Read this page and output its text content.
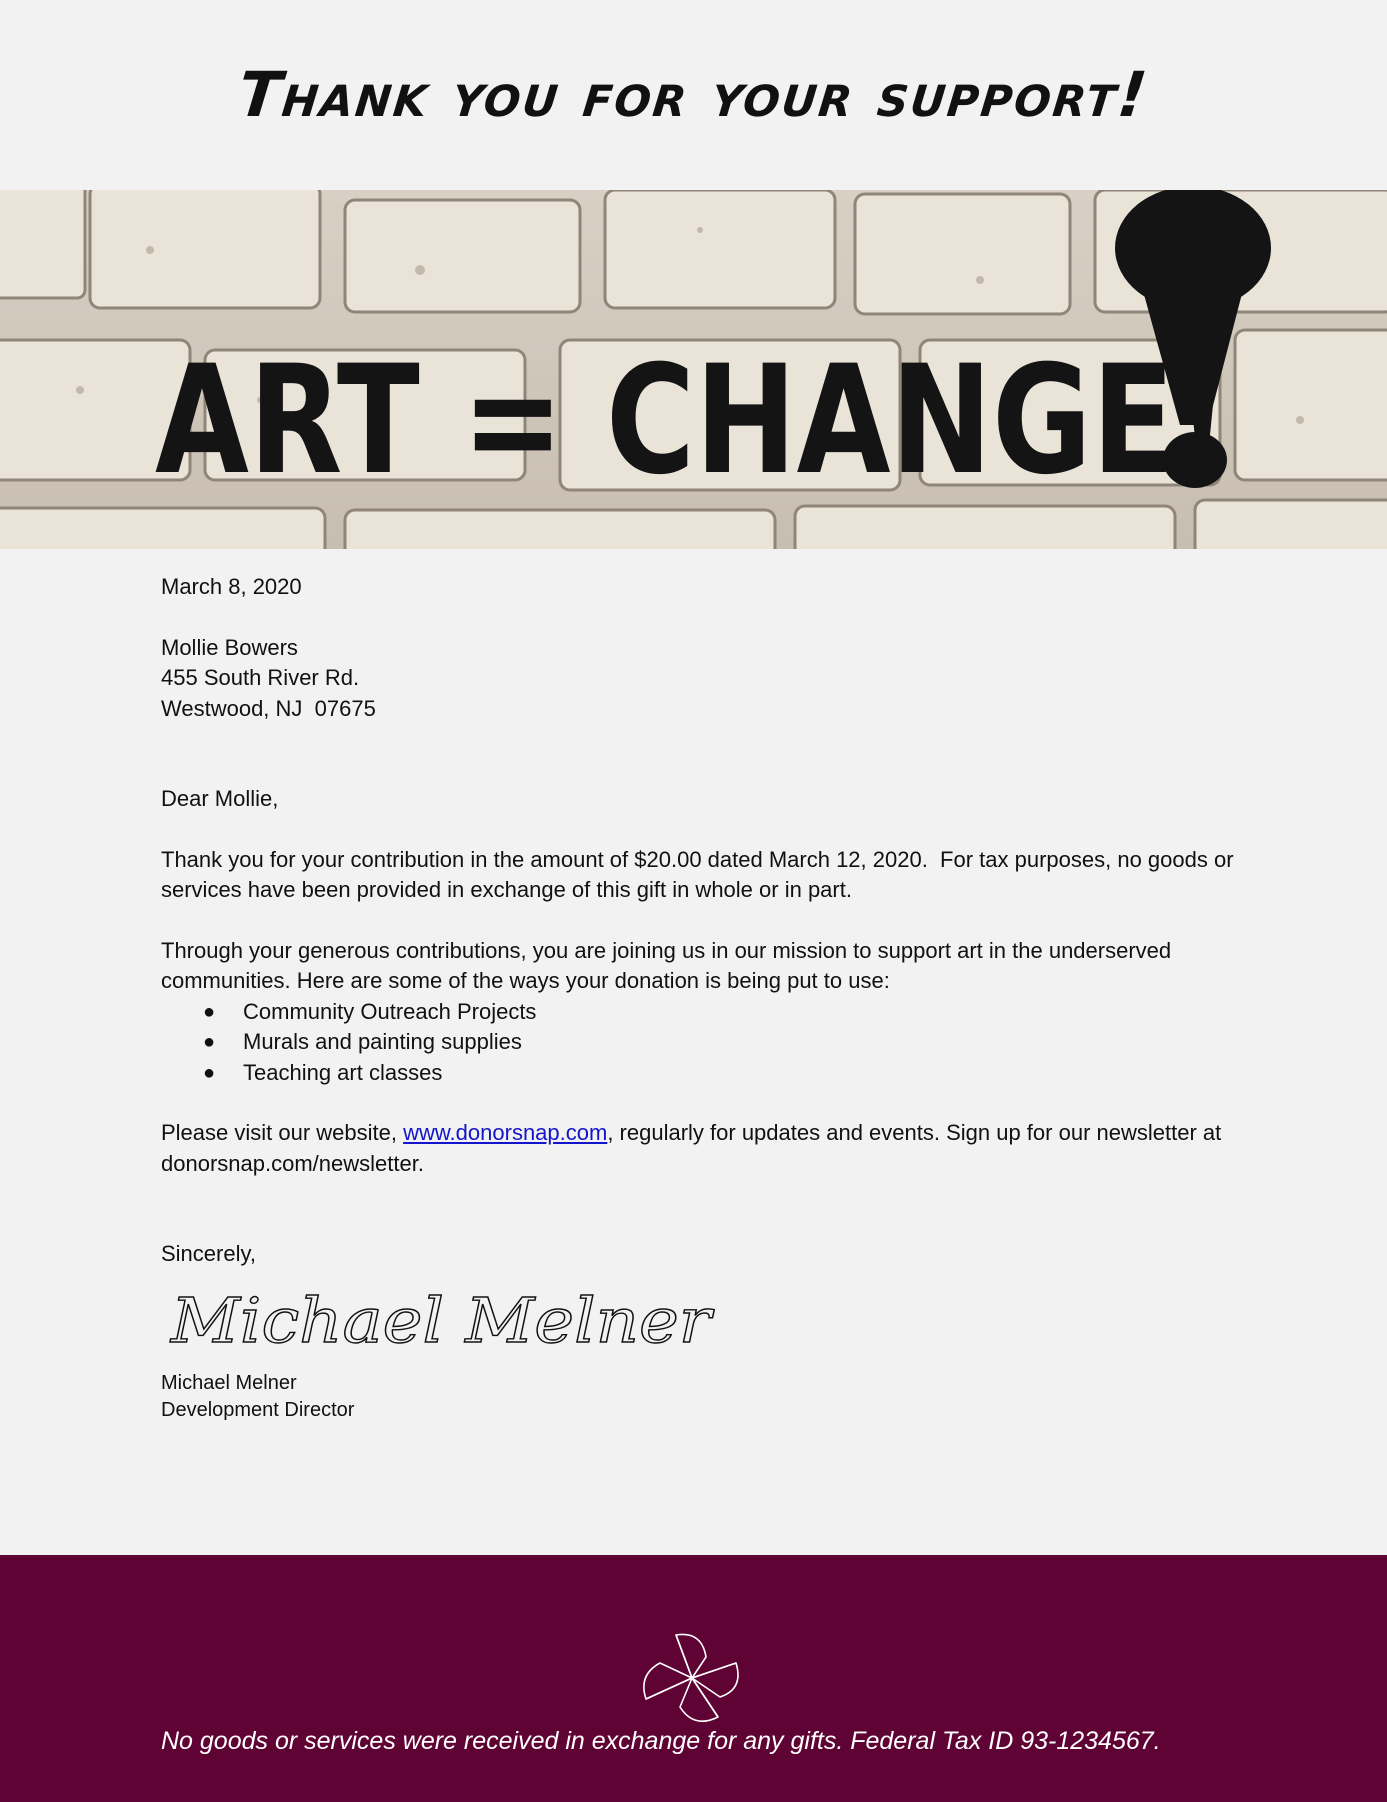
Thank you for your support!
ART = CHANGE!

March 8, 2020

Mollie Bowers

455 South River Rd.

Westwood, NJ  07675

Dear Mollie,

Thank you for your contribution in the amount of $20.00 dated March 12, 2020.  For tax purposes, no goods or services have been provided in exchange of this gift in whole or in part.

Through your generous contributions, you are joining us in our mission to support art in the underserved communities. Here are some of the ways your donation is being put to use:

● Community Outreach Projects
● Murals and painting supplies
● Teaching art classes

Please visit our website, www.donorsnap.com, regularly for updates and events. Sign up for our newsletter at donorsnap.com/newsletter.

Sincerely,

Michael Melner
Michael Melner
Development Director
No goods or services were received in exchange for any gifts. Federal Tax ID 93-1234567.
